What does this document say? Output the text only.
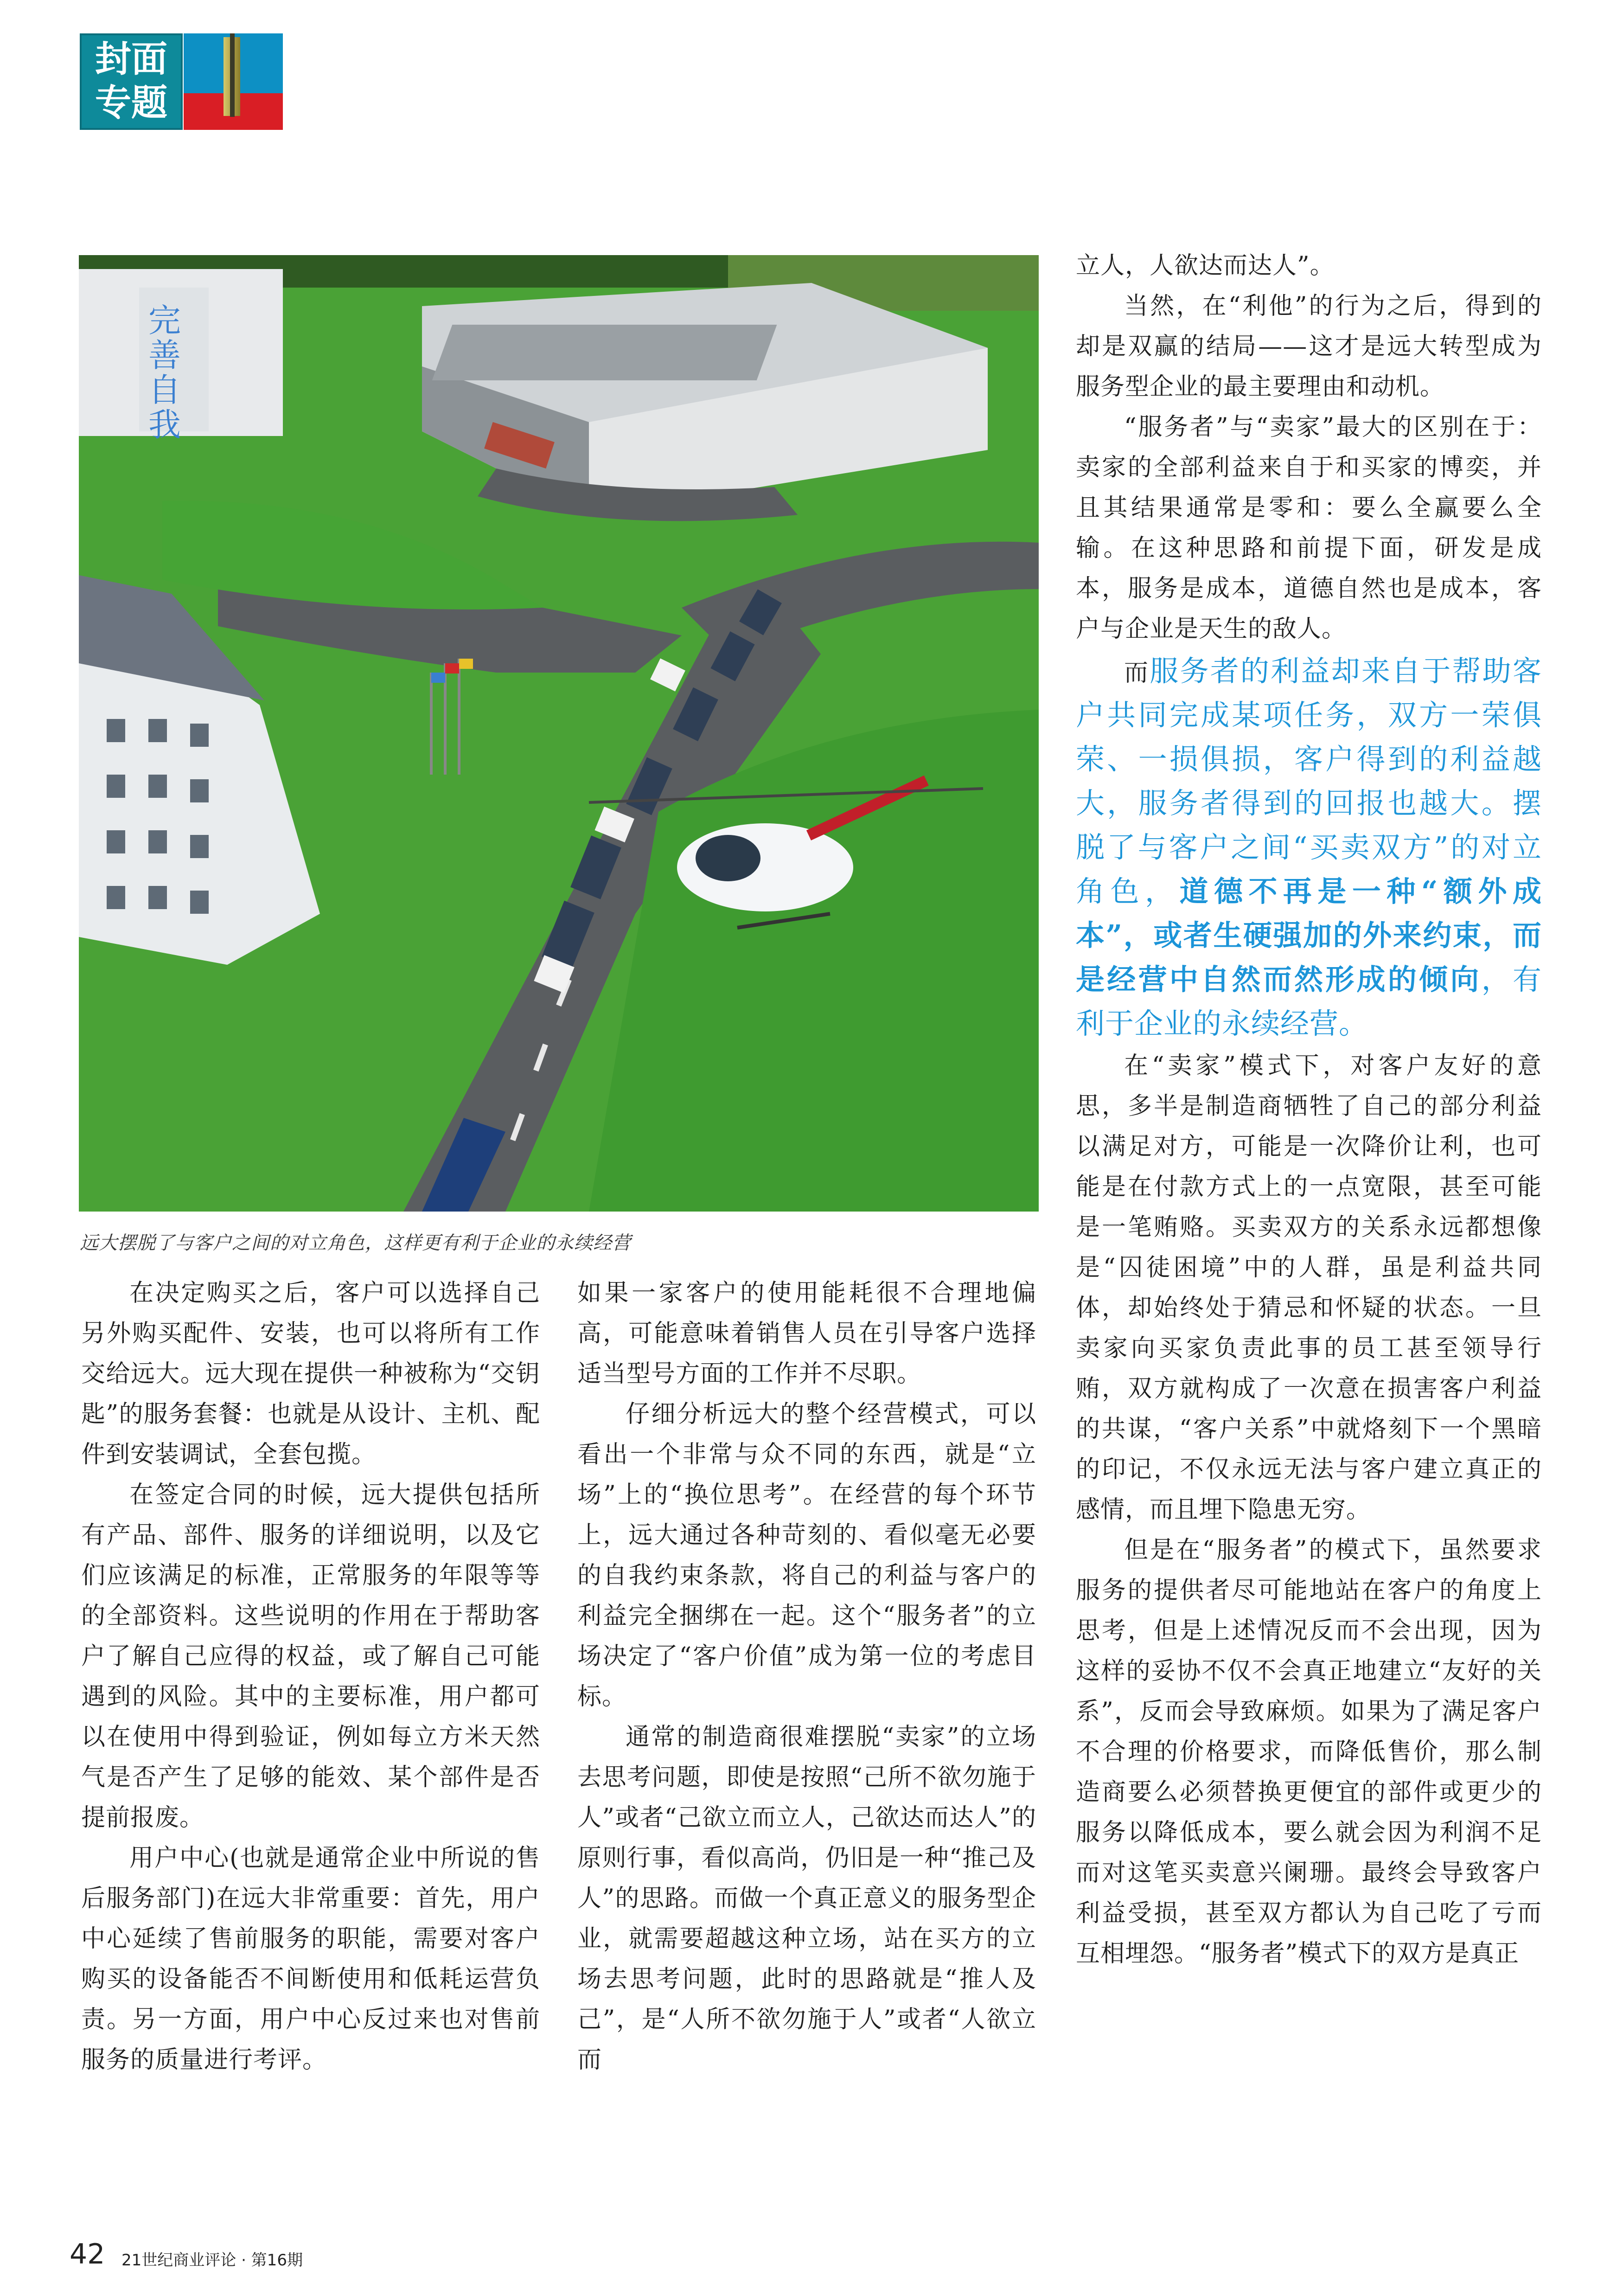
封面
专题
完
善
自
我
远大摆脱了与客户之间的对立角色，这样更有利于企业的永续经营

在决定购买之后，客户可以选择自己另外购买配件、安装，也可以将所有工作交给远大。远大现在提供一种被称为“交钥匙”的服务套餐：也就是从设计、主机、配件到安装调试，全套包揽。

在签定合同的时候，远大提供包括所有产品、部件、服务的详细说明，以及它们应该满足的标准，正常服务的年限等等的全部资料。这些说明的作用在于帮助客户了解自己应得的权益，或了解自己可能遇到的风险。其中的主要标准，用户都可以在使用中得到验证，例如每立方米天然气是否产生了足够的能效、某个部件是否提前报废。

用户中心(也就是通常企业中所说的售后服务部门)在远大非常重要：首先，用户中心延续了售前服务的职能，需要对客户购买的设备能否不间断使用和低耗运营负责。另一方面，用户中心反过来也对售前服务的质量进行考评。

如果一家客户的使用能耗很不合理地偏高，可能意味着销售人员在引导客户选择适当型号方面的工作并不尽职。

仔细分析远大的整个经营模式，可以看出一个非常与众不同的东西，就是“立场”上的“换位思考”。在经营的每个环节上，远大通过各种苛刻的、看似毫无必要的自我约束条款，将自己的利益与客户的利益完全捆绑在一起。这个“服务者”的立场决定了“客户价值”成为第一位的考虑目标。

通常的制造商很难摆脱“卖家”的立场去思考问题，即使是按照“己所不欲勿施于人”或者“己欲立而立人，己欲达而达人”的原则行事，看似高尚，仍旧是一种“推己及人”的思路。而做一个真正意义的服务型企业，就需要超越这种立场，站在买方的立场去思考问题，此时的思路就是“推人及己”，是“人所不欲勿施于人”或者“人欲立而

立人，人欲达而达人”。

当然，在“利他”的行为之后，得到的却是双赢的结局——这才是远大转型成为服务型企业的最主要理由和动机。

“服务者”与“卖家”最大的区别在于：卖家的全部利益来自于和买家的博奕，并且其结果通常是零和：要么全赢要么全输。在这种思路和前提下面，研发是成本，服务是成本，道德自然也是成本，客户与企业是天生的敌人。

而服务者的利益却来自于帮助客户共同完成某项任务，双方一荣俱荣、一损俱损，客户得到的利益越大，服务者得到的回报也越大。摆脱了与客户之间“买卖双方”的对立角色，道德不再是一种“额外成本”，或者生硬强加的外来约束，而是经营中自然而然形成的倾向，有利于企业的永续经营。

在“卖家”模式下，对客户友好的意思，多半是制造商牺牲了自己的部分利益以满足对方，可能是一次降价让利，也可能是在付款方式上的一点宽限，甚至可能是一笔贿赂。买卖双方的关系永远都想像是“囚徒困境”中的人群，虽是利益共同体，却始终处于猜忌和怀疑的状态。一旦卖家向买家负责此事的员工甚至领导行贿，双方就构成了一次意在损害客户利益的共谋，“客户关系”中就烙刻下一个黑暗的印记，不仅永远无法与客户建立真正的感情，而且埋下隐患无穷。

但是在“服务者”的模式下，虽然要求服务的提供者尽可能地站在客户的角度上思考，但是上述情况反而不会出现，因为这样的妥协不仅不会真正地建立“友好的关系”，反而会导致麻烦。如果为了满足客户不合理的价格要求，而降低售价，那么制造商要么必须替换更便宜的部件或更少的服务以降低成本，要么就会因为利润不足而对这笔买卖意兴阑珊。最终会导致客户利益受损，甚至双方都认为自己吃了亏而互相埋怨。“服务者”模式下的双方是真正

42 21世纪商业评论 · 第16期
